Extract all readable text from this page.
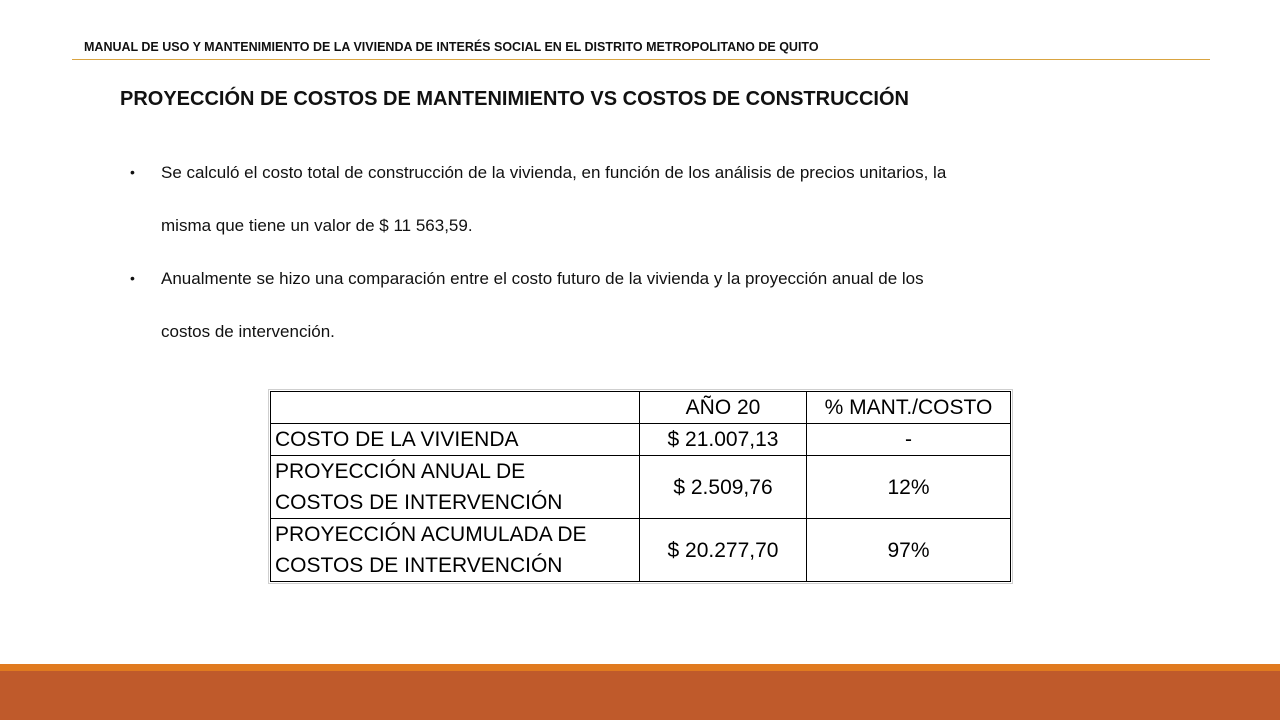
MANUAL DE USO Y MANTENIMIENTO DE LA VIVIENDA DE INTERÉS SOCIAL EN EL DISTRITO METROPOLITANO DE QUITO
PROYECCIÓN DE COSTOS DE MANTENIMIENTO VS COSTOS DE CONSTRUCCIÓN
• Se calculó el costo total de construcción de la vivienda, en función de los análisis de precios unitarios, la
misma que tiene un valor de $ 11 563,59.
• Anualmente se hizo una comparación entre el costo futuro de la vivienda y la proyección anual de los
costos de intervención.
	AÑO 20	% MANT./COSTO
COSTO DE LA VIVIENDA	$ 21.007,13	-
PROYECCIÓN ANUAL DE
COSTOS DE INTERVENCIÓN	$ 2.509,76	12%
PROYECCIÓN ACUMULADA DE
COSTOS DE INTERVENCIÓN	$ 20.277,70	97%
